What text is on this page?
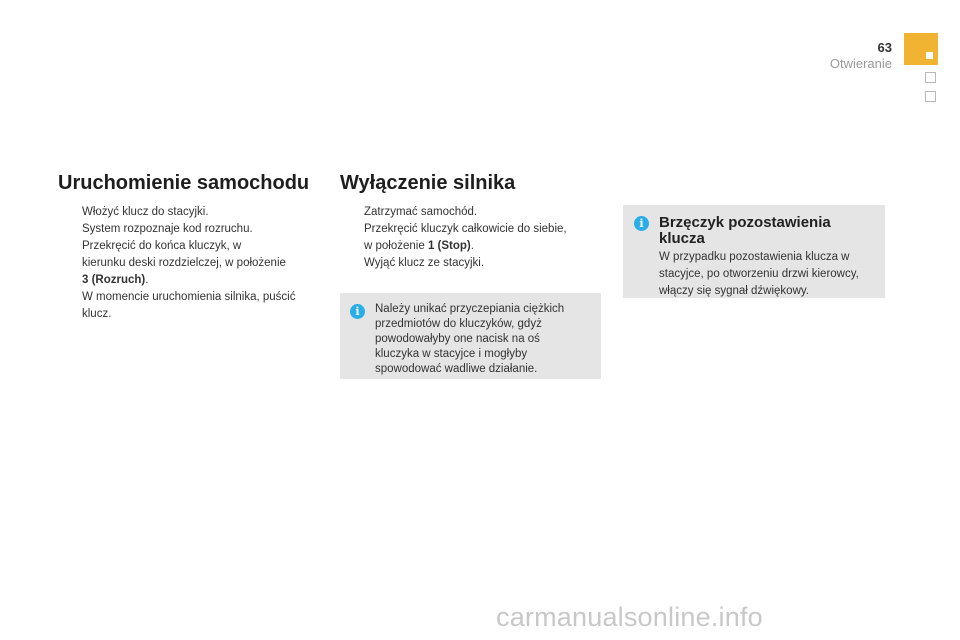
63
Otwieranie
Uruchomienie samochodu
Włożyć klucz do stacyjki.
System rozpoznaje kod rozruchu.
Przekręcić do końca kluczyk, w
kierunku deski rozdzielczej, w położenie
3 (Rozruch).
W momencie uruchomienia silnika, puścić
klucz.
Wyłączenie silnika
Zatrzymać samochód.
Przekręcić kluczyk całkowicie do siebie,
w położenie 1 (Stop).
Wyjąć klucz ze stacyjki.
i	Należy unikać przyczepiania ciężkich
przedmiotów do kluczyków, gdyż
powodowałyby one nacisk na oś
kluczyka w stacyjce i mogłyby
spowodować wadliwe działanie.
i	Brzęczyk pozostawienia
klucza
W przypadku pozostawienia klucza w
stacyjce, po otworzeniu drzwi kierowcy,
włączy się sygnał dźwiękowy.
carmanualsonline.info
